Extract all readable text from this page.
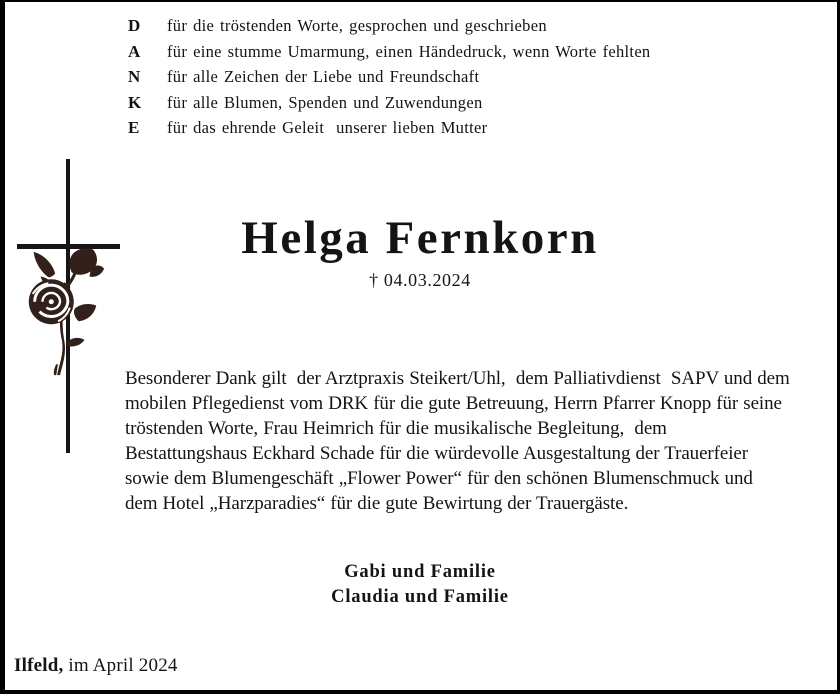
D	für die tröstenden Worte, gesprochen und geschrieben
A	für eine stumme Umarmung, einen Händedruck, wenn Worte fehlten
N	für alle Zeichen der Liebe und Freundschaft
K	für alle Blumen, Spenden und Zuwendungen
E	für das ehrende Geleit  unserer lieben Mutter
Helga Fernkorn
† 04.03.2024
Besonderer Dank gilt  der Arztpraxis Steikert/Uhl,  dem Palliativdienst  SAPV und dem
mobilen Pflegedienst vom DRK für die gute Betreuung, Herrn Pfarrer Knopp für seine
tröstenden Worte, Frau Heimrich für die musikalische Begleitung,  dem
Bestattungshaus Eckhard Schade für die würdevolle Ausgestaltung der Trauerfeier
sowie dem Blumengeschäft „Flower Power“ für den schönen Blumenschmuck und
dem Hotel „Harzparadies“ für die gute Bewirtung der Trauergäste.
Gabi und Familie
Claudia und Familie
Ilfeld, im April 2024
